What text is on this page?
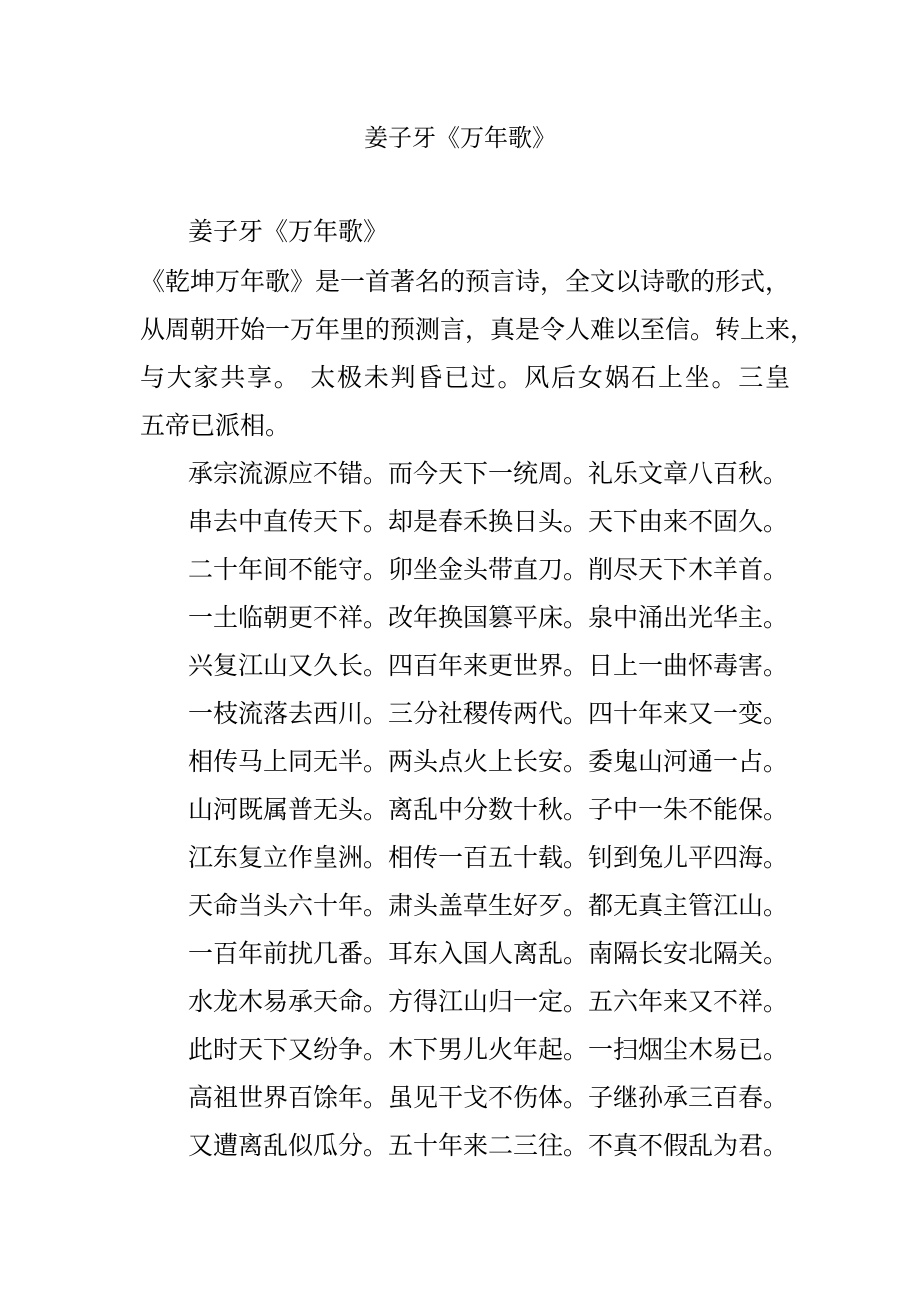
姜子牙《万年歌》
姜子牙《万年歌》
《乾坤万年歌》是一首著名的预言诗，全文以诗歌的形式，
从周朝开始一万年里的预测言，真是令人难以至信。转上来，
与大家共享。 太极未判昏已过。风后女娲石上坐。三皇
五帝已派相。
承宗流源应不错。而今天下一统周。礼乐文章八百秋。
串去中直传天下。却是春禾换日头。天下由来不固久。
二十年间不能守。卯坐金头带直刀。削尽天下木羊首。
一土临朝更不祥。改年换国篡平床。泉中涌出光华主。
兴复江山又久长。四百年来更世界。日上一曲怀毒害。
一枝流落去西川。三分社稷传两代。四十年来又一变。
相传马上同无半。两头点火上长安。委鬼山河通一占。
山河既属普无头。离乱中分数十秋。子中一朱不能保。
江东复立作皇洲。相传一百五十载。钊到兔儿平四海。
天命当头六十年。肃头盖草生好歹。都无真主管江山。
一百年前扰几番。耳东入国人离乱。南隔长安北隔关。
水龙木易承天命。方得江山归一定。五六年来又不祥。
此时天下又纷争。木下男儿火年起。一扫烟尘木易已。
高祖世界百馀年。虽见干戈不伤体。子继孙承三百春。
又遭离乱似瓜分。五十年来二三往。不真不假乱为君。
